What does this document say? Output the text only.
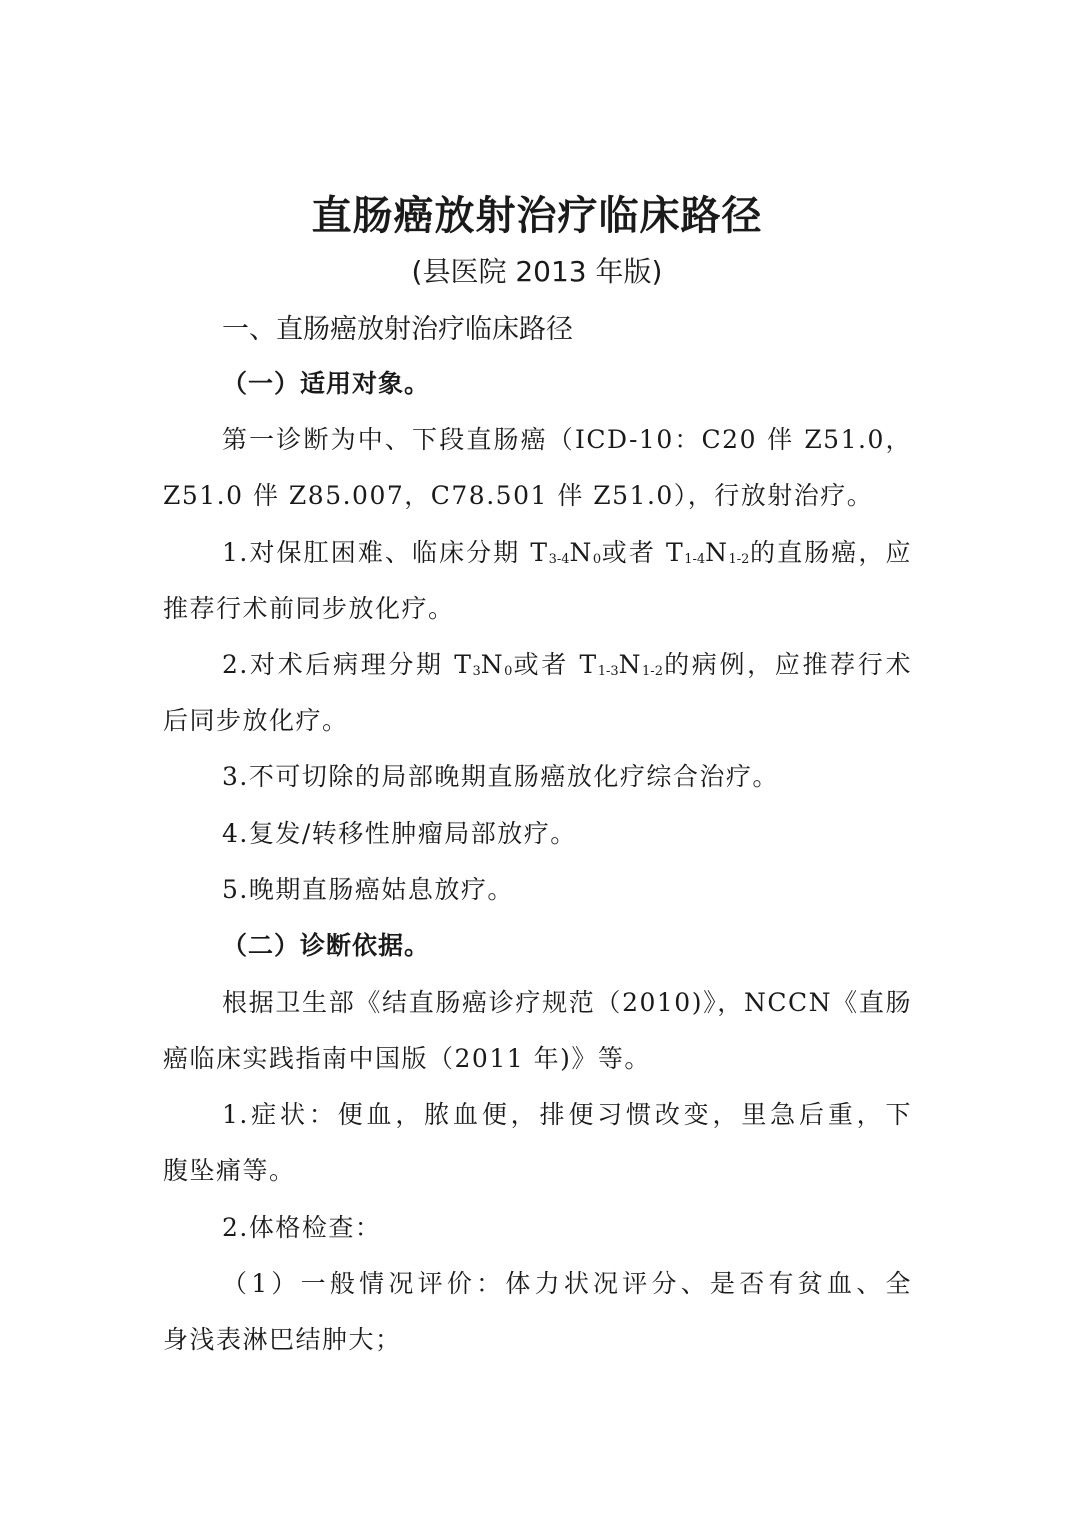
直肠癌放射治疗临床路径
(县医院 2013 年版)
一、直肠癌放射治疗临床路径
（一）适用对象。
第一诊断为中、下段直肠癌（ICD-10：C20 伴 Z51.0，
Z51.0 伴 Z85.007，C78.501 伴 Z51.0），行放射治疗。
1.对保肛困难、临床分期 $T_{3-4}N_0$或者 $T_{1-4}N_{1-2}$的直肠癌，应
推荐行术前同步放化疗。
2.对术后病理分期 $T_3N_0$或者 $T_{1-3}N_{1-2}$的病例，应推荐行术
后同步放化疗。
3.不可切除的局部晚期直肠癌放化疗综合治疗。
4.复发/转移性肿瘤局部放疗。
5.晚期直肠癌姑息放疗。
（二）诊断依据。
根据卫生部《结直肠癌诊疗规范（2010)》，NCCN《直肠
癌临床实践指南中国版（2011 年)》等。
1.症状：便血，脓血便，排便习惯改变，里急后重，下
腹坠痛等。
2.体格检查：
（1）一般情况评价：体力状况评分、是否有贫血、全
身浅表淋巴结肿大；
